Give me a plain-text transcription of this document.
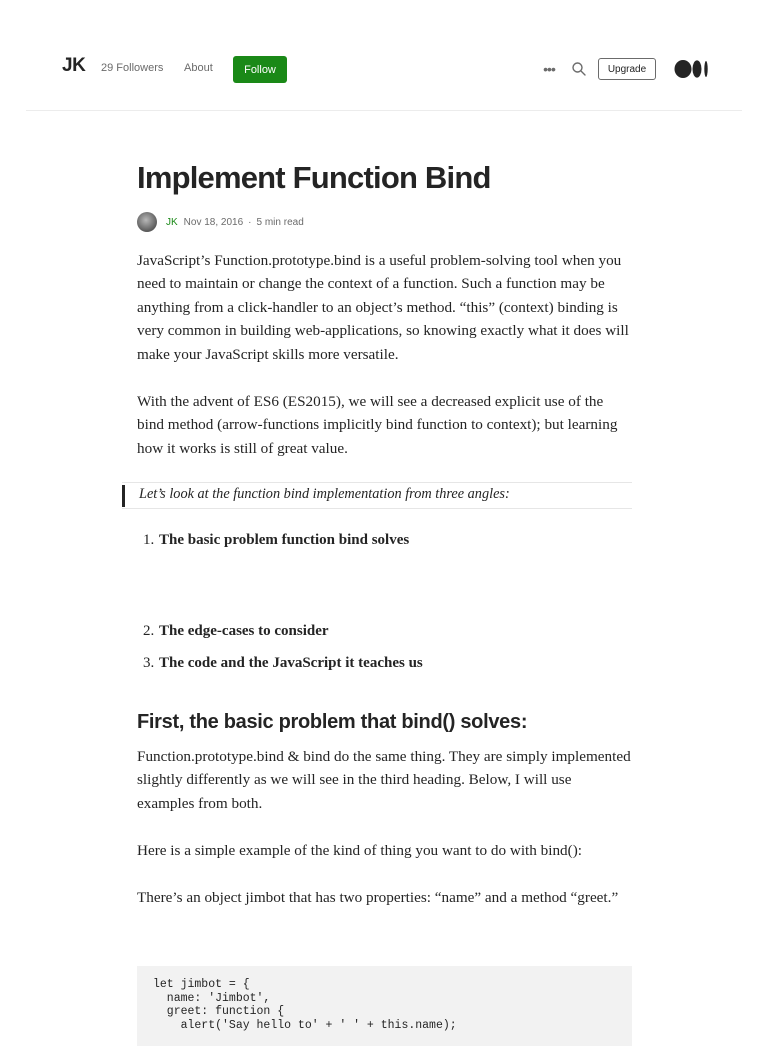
JK 29 Followers About	Follow	•••	Upgrade
Implement Function Bind
JK Nov 18, 2016 · 5 min read

JavaScript’s Function.prototype.bind is a useful problem-solving tool when you need to maintain or change the context of a function. Such a function may be anything from a click-handler to an object’s method. “this” (context) binding is very common in building web-applications, so knowing exactly what it does will make your JavaScript skills more versatile.

With the advent of ES6 (ES2015), we will see a decreased explicit use of the bind method (arrow-functions implicitly bind function to context); but learning how it works is still of great value.

Let’s look at the function bind implementation from three angles:
1. The basic problem function bind solves
2. The edge-cases to consider
3. The code and the JavaScript it teaches us
First, the basic problem that bind() solves:

Function.prototype.bind & bind do the same thing. They are simply implemented slightly differently as we will see in the third heading. Below, I will use examples from both.

Here is a simple example of the kind of thing you want to do with bind():

There’s an object jimbot that has two properties: “name” and a method “greet.”

let jimbot = {
name: 'Jimbot',
greet: function {
alert('Say hello to' + ' ' + this.name);
